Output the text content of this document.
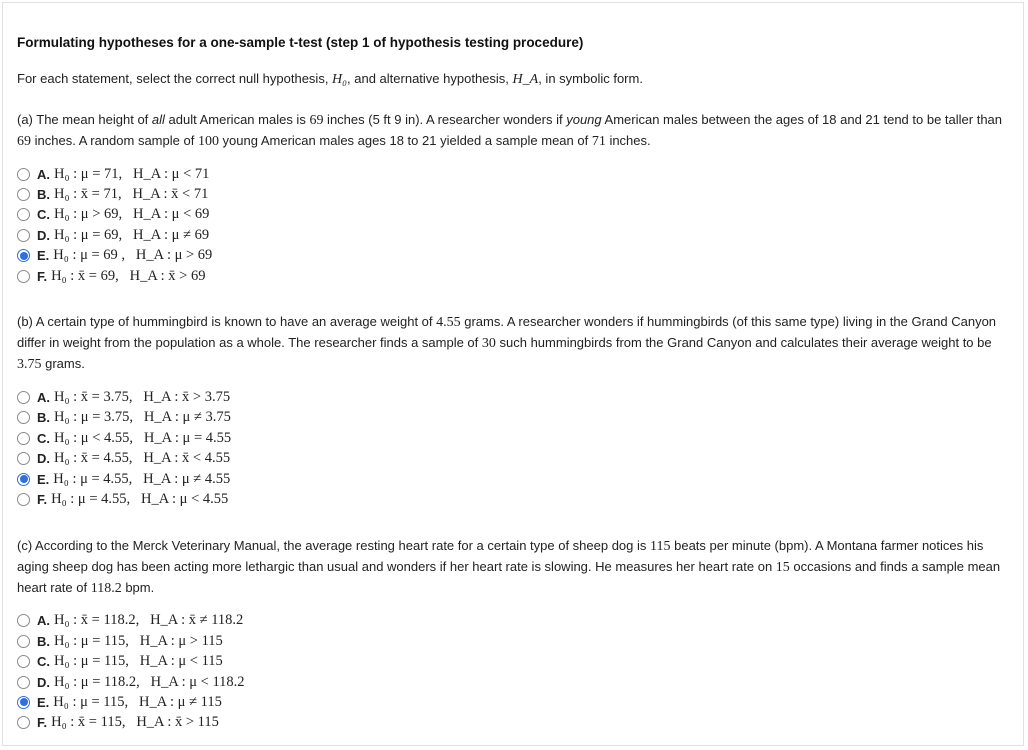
Formulating hypotheses for a one-sample t-test (step 1 of hypothesis testing procedure)
For each statement, select the correct null hypothesis, H₀, and alternative hypothesis, H_A, in symbolic form.

(a) The mean height of all adult American males is 69 inches (5 ft 9 in). A researcher wonders if young American males between the ages of 18 and 21 tend to be taller than 69 inches. A random sample of 100 young American males ages 18 to 21 yielded a sample mean of 71 inches.

A. H₀ : μ = 71,   H_A : μ < 71
B. H₀ : x̄ = 71,   H_A : x̄ < 71
C. H₀ : μ > 69,   H_A : μ < 69
D. H₀ : μ = 69,   H_A : μ ≠ 69
E. H₀ : μ = 69 ,   H_A : μ > 69
F. H₀ : x̄ = 69,   H_A : x̄ > 69

(b) A certain type of hummingbird is known to have an average weight of 4.55 grams. A researcher wonders if hummingbirds (of this same type) living in the Grand Canyon differ in weight from the population as a whole. The researcher finds a sample of 30 such hummingbirds from the Grand Canyon and calculates their average weight to be 3.75 grams.

A. H₀ : x̄ = 3.75,   H_A : x̄ > 3.75
B. H₀ : μ = 3.75,   H_A : μ ≠ 3.75
C. H₀ : μ < 4.55,   H_A : μ = 4.55
D. H₀ : x̄ = 4.55,   H_A : x̄ < 4.55
E. H₀ : μ = 4.55,   H_A : μ ≠ 4.55
F. H₀ : μ = 4.55,   H_A : μ < 4.55

(c) According to the Merck Veterinary Manual, the average resting heart rate for a certain type of sheep dog is 115 beats per minute (bpm). A Montana farmer notices his aging sheep dog has been acting more lethargic than usual and wonders if her heart rate is slowing. He measures her heart rate on 15 occasions and finds a sample mean heart rate of 118.2 bpm.

A. H₀ : x̄ = 118.2,   H_A : x̄ ≠ 118.2
B. H₀ : μ = 115,   H_A : μ > 115
C. H₀ : μ = 115,   H_A : μ < 115
D. H₀ : μ = 118.2,   H_A : μ < 118.2
E. H₀ : μ = 115,   H_A : μ ≠ 115
F. H₀ : x̄ = 115,   H_A : x̄ > 115
